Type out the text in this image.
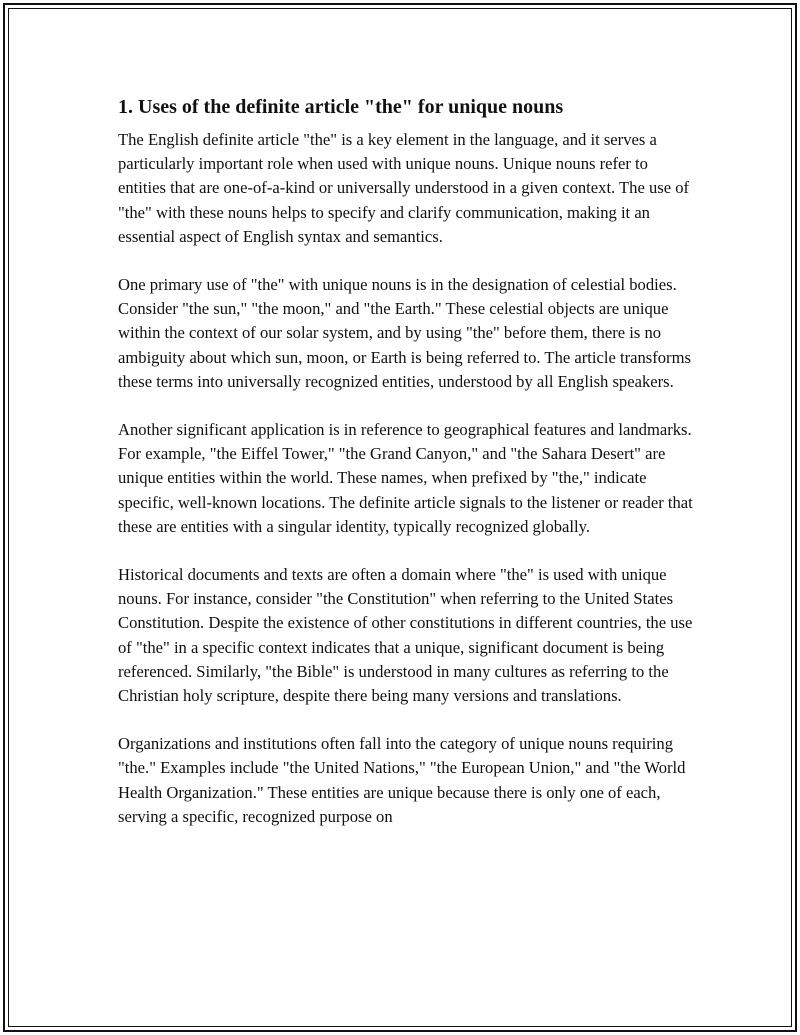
1. Uses of the definite article "the" for unique nouns

The English definite article "the" is a key element in the language, and it serves a particularly important role when used with unique nouns. Unique nouns refer to entities that are one-of-a-kind or universally understood in a given context. The use of "the" with these nouns helps to specify and clarify communication, making it an essential aspect of English syntax and semantics.

One primary use of "the" with unique nouns is in the designation of celestial bodies. Consider "the sun," "the moon," and "the Earth." These celestial objects are unique within the context of our solar system, and by using "the" before them, there is no ambiguity about which sun, moon, or Earth is being referred to. The article transforms these terms into universally recognized entities, understood by all English speakers.

Another significant application is in reference to geographical features and landmarks. For example, "the Eiffel Tower," "the Grand Canyon," and "the Sahara Desert" are unique entities within the world. These names, when prefixed by "the," indicate specific, well-known locations. The definite article signals to the listener or reader that these are entities with a singular identity, typically recognized globally.

Historical documents and texts are often a domain where "the" is used with unique nouns. For instance, consider "the Constitution" when referring to the United States Constitution. Despite the existence of other constitutions in different countries, the use of "the" in a specific context indicates that a unique, significant document is being referenced. Similarly, "the Bible" is understood in many cultures as referring to the Christian holy scripture, despite there being many versions and translations.

Organizations and institutions often fall into the category of unique nouns requiring "the." Examples include "the United Nations," "the European Union," and "the World Health Organization." These entities are unique because there is only one of each, serving a specific, recognized purpose on
